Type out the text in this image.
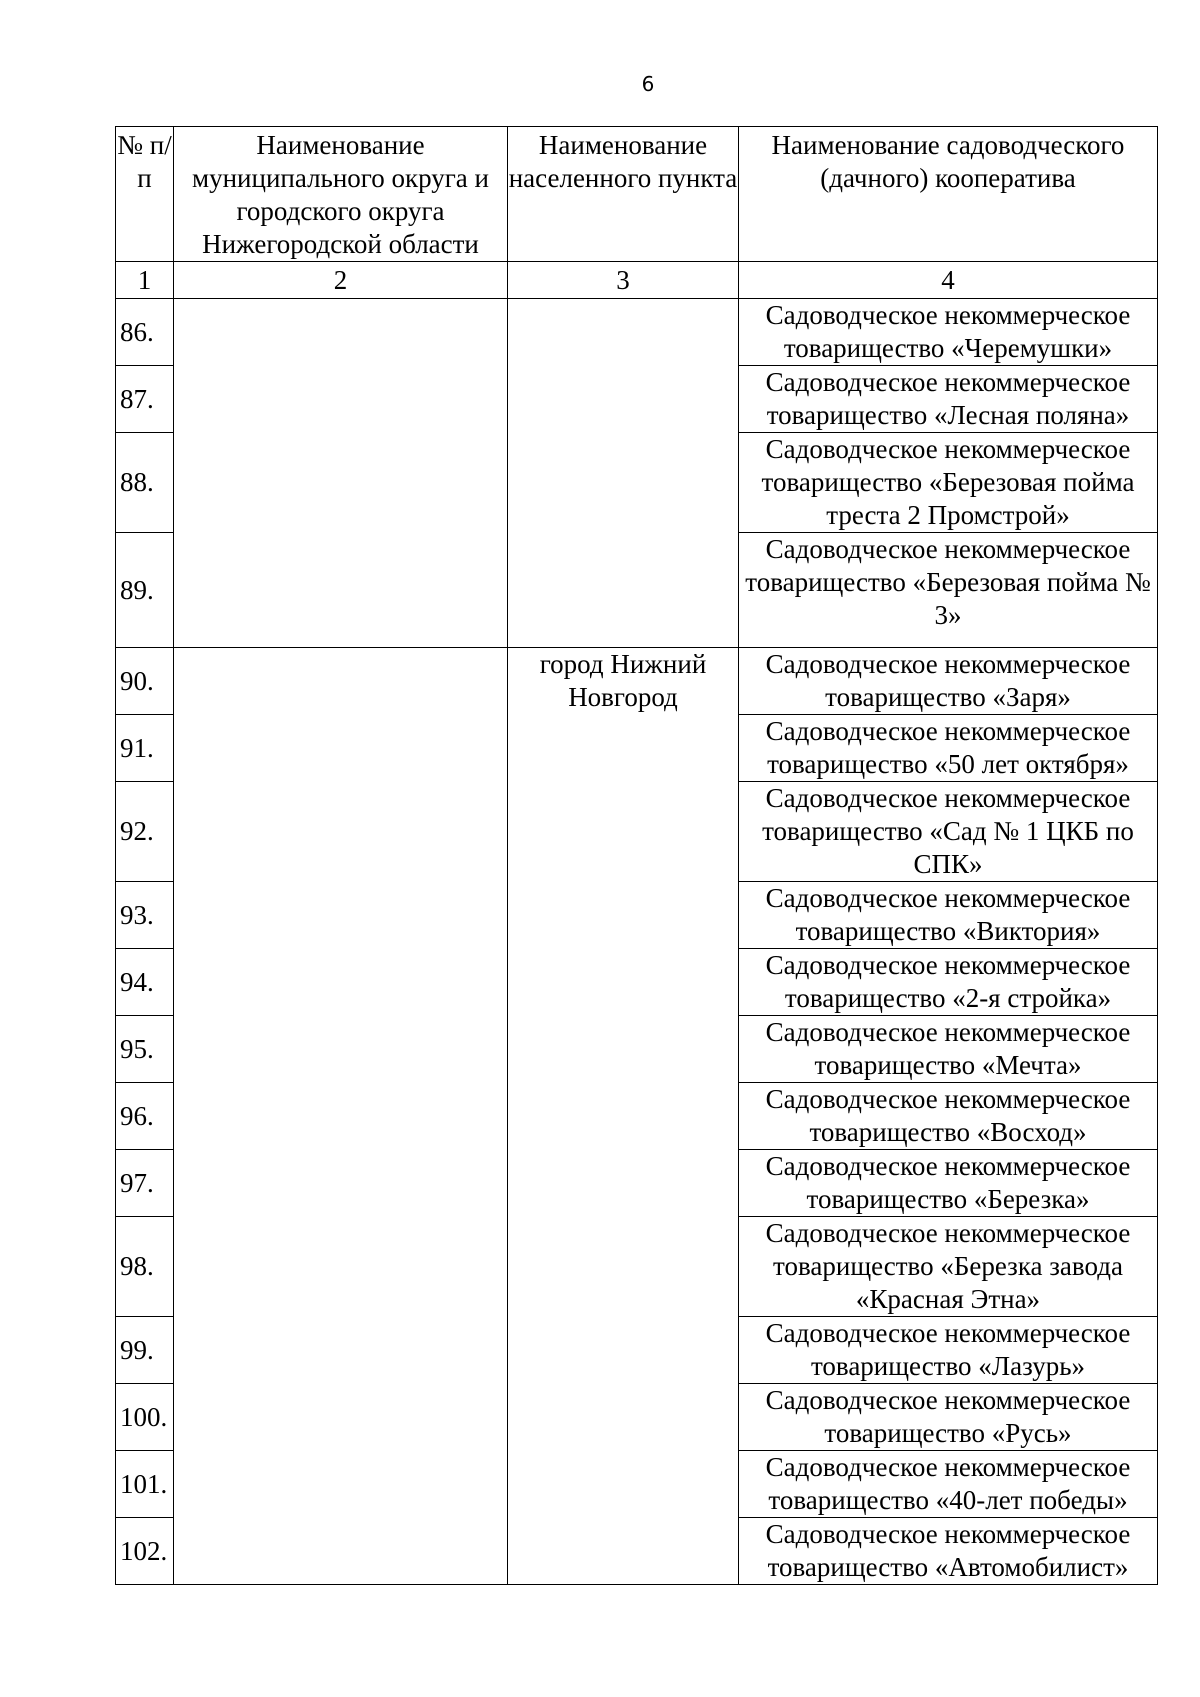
6
№ п/п	Наименование муниципального округа и городского округа Нижегородской области	Наименование населенного пункта	Наименование садоводческого (дачного) кооператива
1	2	3	4
86.			Садоводческое некоммерческое товарищество «Черемушки»
87.			Садоводческое некоммерческое товарищество «Лесная поляна»
88.			Садоводческое некоммерческое товарищество «Березовая пойма треста 2 Промстрой»
89.			Садоводческое некоммерческое товарищество «Березовая пойма № 3»
90.		город Нижний Новгород	Садоводческое некоммерческое товарищество «Заря»
91.			Садоводческое некоммерческое товарищество «50 лет октября»
92.			Садоводческое некоммерческое товарищество «Сад № 1 ЦКБ по СПК»
93.			Садоводческое некоммерческое товарищество «Виктория»
94.			Садоводческое некоммерческое товарищество «2-я стройка»
95.			Садоводческое некоммерческое товарищество «Мечта»
96.			Садоводческое некоммерческое товарищество «Восход»
97.			Садоводческое некоммерческое товарищество «Березка»
98.			Садоводческое некоммерческое товарищество «Березка завода «Красная Этна»
99.			Садоводческое некоммерческое товарищество «Лазурь»
100.			Садоводческое некоммерческое товарищество «Русь»
101.			Садоводческое некоммерческое товарищество «40-лет победы»
102.			Садоводческое некоммерческое товарищество «Автомобилист»
